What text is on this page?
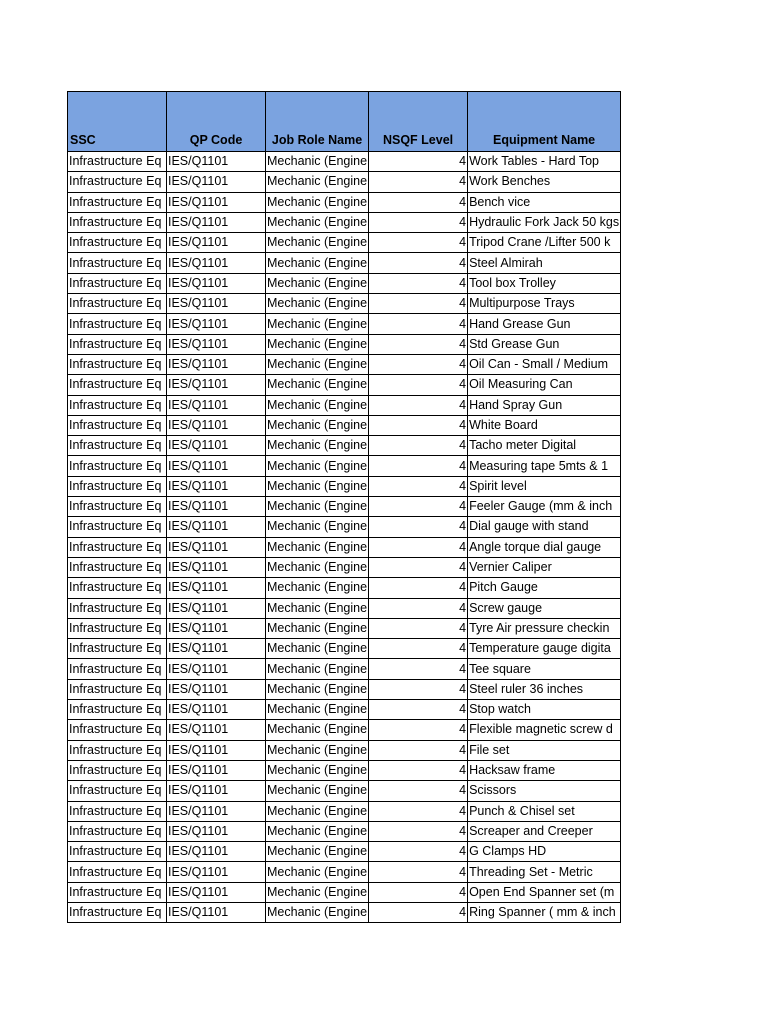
SSC	QP Code	Job Role Name	NSQF Level	Equipment Name
Infrastructure Eq	IES/Q1101	Mechanic (Engine	4	Work Tables - Hard Top
Infrastructure Eq	IES/Q1101	Mechanic (Engine	4	Work Benches
Infrastructure Eq	IES/Q1101	Mechanic (Engine	4	Bench vice
Infrastructure Eq	IES/Q1101	Mechanic (Engine	4	Hydraulic Fork Jack 50 kgs
Infrastructure Eq	IES/Q1101	Mechanic (Engine	4	Tripod Crane /Lifter 500 k
Infrastructure Eq	IES/Q1101	Mechanic (Engine	4	Steel Almirah
Infrastructure Eq	IES/Q1101	Mechanic (Engine	4	Tool box Trolley
Infrastructure Eq	IES/Q1101	Mechanic (Engine	4	Multipurpose Trays
Infrastructure Eq	IES/Q1101	Mechanic (Engine	4	Hand Grease Gun
Infrastructure Eq	IES/Q1101	Mechanic (Engine	4	Std Grease Gun
Infrastructure Eq	IES/Q1101	Mechanic (Engine	4	Oil Can - Small / Medium
Infrastructure Eq	IES/Q1101	Mechanic (Engine	4	Oil Measuring Can
Infrastructure Eq	IES/Q1101	Mechanic (Engine	4	Hand Spray Gun
Infrastructure Eq	IES/Q1101	Mechanic (Engine	4	White Board
Infrastructure Eq	IES/Q1101	Mechanic (Engine	4	Tacho meter Digital
Infrastructure Eq	IES/Q1101	Mechanic (Engine	4	Measuring tape 5mts & 1
Infrastructure Eq	IES/Q1101	Mechanic (Engine	4	Spirit level
Infrastructure Eq	IES/Q1101	Mechanic (Engine	4	Feeler Gauge (mm & inch
Infrastructure Eq	IES/Q1101	Mechanic (Engine	4	Dial gauge with stand
Infrastructure Eq	IES/Q1101	Mechanic (Engine	4	Angle torque dial gauge
Infrastructure Eq	IES/Q1101	Mechanic (Engine	4	Vernier Caliper
Infrastructure Eq	IES/Q1101	Mechanic (Engine	4	Pitch Gauge
Infrastructure Eq	IES/Q1101	Mechanic (Engine	4	Screw gauge
Infrastructure Eq	IES/Q1101	Mechanic (Engine	4	Tyre Air pressure checkin
Infrastructure Eq	IES/Q1101	Mechanic (Engine	4	Temperature gauge digita
Infrastructure Eq	IES/Q1101	Mechanic (Engine	4	Tee square
Infrastructure Eq	IES/Q1101	Mechanic (Engine	4	Steel ruler 36 inches
Infrastructure Eq	IES/Q1101	Mechanic (Engine	4	Stop watch
Infrastructure Eq	IES/Q1101	Mechanic (Engine	4	Flexible magnetic screw d
Infrastructure Eq	IES/Q1101	Mechanic (Engine	4	File set
Infrastructure Eq	IES/Q1101	Mechanic (Engine	4	Hacksaw frame
Infrastructure Eq	IES/Q1101	Mechanic (Engine	4	Scissors
Infrastructure Eq	IES/Q1101	Mechanic (Engine	4	Punch & Chisel set
Infrastructure Eq	IES/Q1101	Mechanic (Engine	4	Screaper and Creeper
Infrastructure Eq	IES/Q1101	Mechanic (Engine	4	G Clamps HD
Infrastructure Eq	IES/Q1101	Mechanic (Engine	4	Threading Set - Metric
Infrastructure Eq	IES/Q1101	Mechanic (Engine	4	Open End Spanner set (m
Infrastructure Eq	IES/Q1101	Mechanic (Engine	4	Ring Spanner ( mm & inch
